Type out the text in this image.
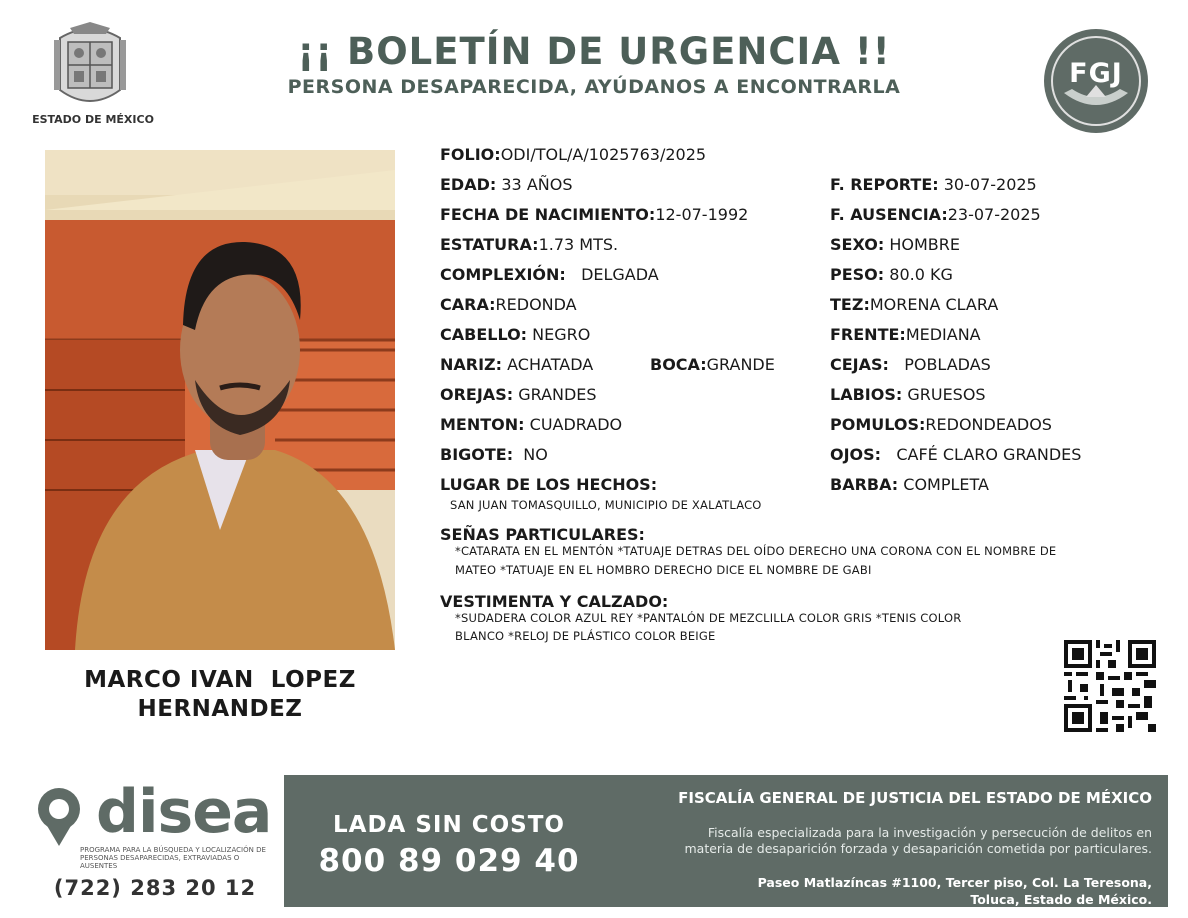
ESTADO DE MÉXICO
¡¡ BOLETÍN DE URGENCIA !!
PERSONA DESAPARECIDA, AYÚDANOS A ENCONTRARLA	FGJ
MARCO IVAN  LOPEZ
HERNANDEZ
FOLIO:ODI/TOL/A/1025763/2025
EDAD: 33 AÑOS
FECHA DE NACIMIENTO:12-07-1992
ESTATURA:1.73 MTS.
COMPLEXIÓN: DELGADA
CARA:REDONDA
CABELLO: NEGRO
NARIZ: ACHATADA	BOCA:GRANDE
OREJAS: GRANDES
MENTON: CUADRADO
BIGOTE: NO
LUGAR DE LOS HECHOS:
SAN JUAN TOMASQUILLO, MUNICIPIO DE XALATLACO
F. REPORTE: 30-07-2025
F. AUSENCIA:23-07-2025
SEXO: HOMBRE
PESO: 80.0 KG
TEZ:MORENA CLARA
FRENTE:MEDIANA
CEJAS: POBLADAS
LABIOS: GRUESOS
POMULOS:REDONDEADOS
OJOS: CAFÉ CLARO GRANDES
BARBA: COMPLETA
SEÑAS PARTICULARES:
*CATARATA EN EL MENTÓN *TATUAJE DETRAS DEL OÍDO DERECHO UNA CORONA CON EL NOMBRE DE
MATEO *TATUAJE EN EL HOMBRO DERECHO DICE EL NOMBRE DE GABI
VESTIMENTA Y CALZADO:
*SUDADERA COLOR AZUL REY *PANTALÓN DE MEZCLILLA COLOR GRIS *TENIS COLOR
BLANCO *RELOJ DE PLÁSTICO COLOR BEIGE
disea
PROGRAMA PARA LA BÚSQUEDA Y LOCALIZACIÓN DE PERSONAS DESAPARECIDAS, EXTRAVIADAS O AUSENTES
(722) 283 20 12
LADA SIN COSTO
800 89 029 40
FISCALÍA GENERAL DE JUSTICIA DEL ESTADO DE MÉXICO
Fiscalía especializada para la investigación y persecución de delitos en
materia de desaparición forzada y desaparición cometida por particulares.
Paseo Matlazíncas #1100, Tercer piso, Col. La Teresona,
Toluca, Estado de México.
